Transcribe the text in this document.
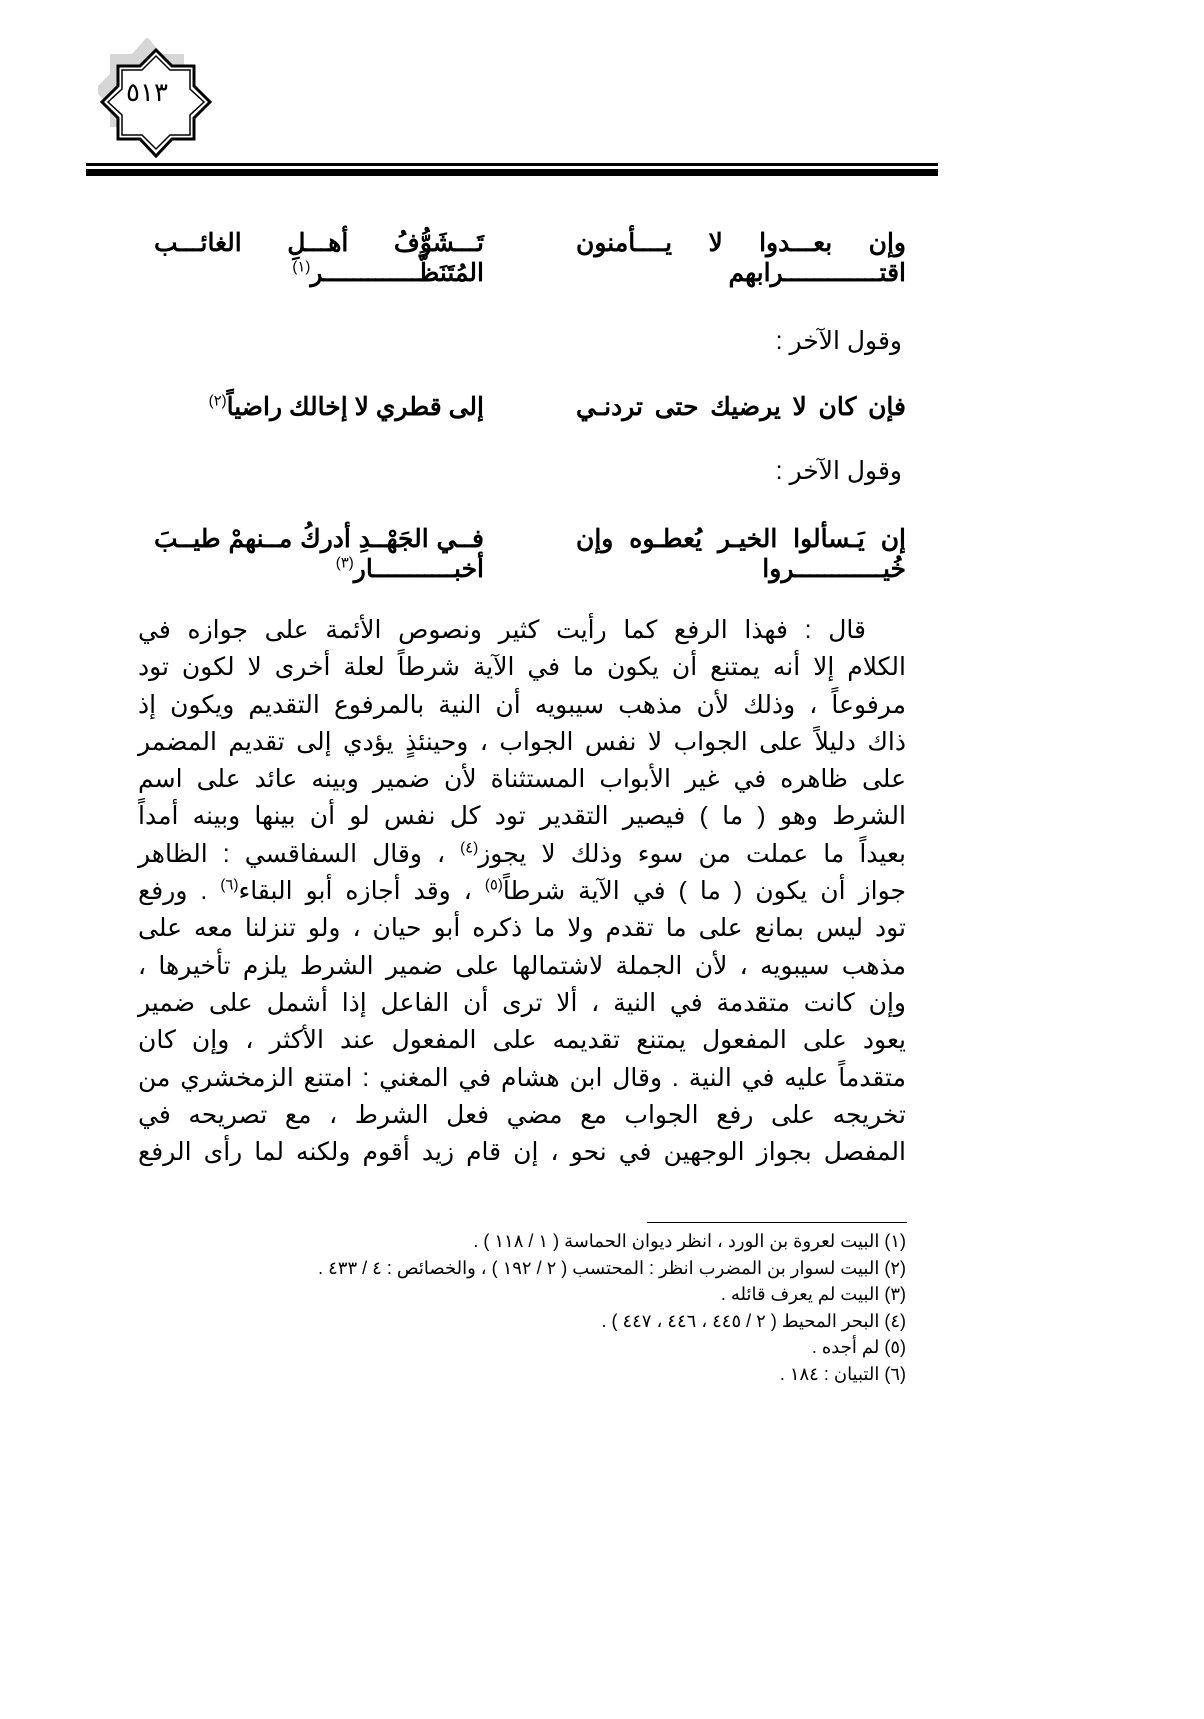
٥١٣
وإن بعـــدوا لا يــــأمنون اقتـــــــــــــرابهم
تَـــشَوُّفُ أهـــلِ الغائـــب المُتَنَظَّـــــــــــــر$^{(١)}$
وقول الآخر :
فإن كان لا يرضيك حتى تردنـي
إلى قطري لا إخالك راضياً$^{(٢)}$
وقول الآخر :
إن يَـسألوا الخيـر يُعطـوه وإن خُيــــــــــــروا
فــي الجَهْــدِ أدركُ مــنهمْ طيــبَ أخبـــــــــــار$^{(٣)}$
قال : فهذا الرفع كما رأيت كثير ونصوص الأئمة على جوازه في
الكلام إلا أنه يمتنع أن يكون ما في الآية شرطاً لعلة أخرى لا لكون تود
مرفوعاً ، وذلك لأن مذهب سيبويه أن النية بالمرفوع التقديم ويكون إذ
ذاك دليلاً على الجواب لا نفس الجواب ، وحينئذٍ يؤدي إلى تقديم المضمر
على ظاهره في غير الأبواب المستثناة لأن ضمير وبينه عائد على اسم
الشرط وهو ( ما ) فيصير التقدير تود كل نفس لو أن بينها وبينه أمداً
بعيداً ما عملت من سوء وذلك لا يجوز$^{(٤)}$ ، وقال السفاقسي : الظاهر
جواز أن يكون ( ما ) في الآية شرطاً$^{(٥)}$ ، وقد أجازه أبو البقاء$^{(٦)}$ . ورفع
تود ليس بمانع على ما تقدم ولا ما ذكره أبو حيان ، ولو تنزلنا معه على
مذهب سيبويه ، لأن الجملة لاشتمالها على ضمير الشرط يلزم تأخيرها ،
وإن كانت متقدمة في النية ، ألا ترى أن الفاعل إذا أشمل على ضمير
يعود على المفعول يمتنع تقديمه على المفعول عند الأكثر ، وإن كان
متقدماً عليه في النية . وقال ابن هشام في المغني : امتنع الزمخشري من
تخريجه على رفع الجواب مع مضي فعل الشرط ، مع تصريحه في
المفصل بجواز الوجهين في نحو ، إن قام زيد أقوم ولكنه لما رأى الرفع
(١) البيت لعروة بن الورد ، انظر ديوان الحماسة ( ١ / ١١٨ ) .
(٢) البيت لسوار بن المضرب انظر : المحتسب ( ٢ / ١٩٢ ) ، والخصائص : ٤ / ٤٣٣ .
(٣) البيت لم يعرف قائله .
(٤) البحر المحيط ( ٢ / ٤٤٥ ، ٤٤٦ ، ٤٤٧ ) .
(٥) لم أجده .
(٦) التبيان : ١٨٤ .
